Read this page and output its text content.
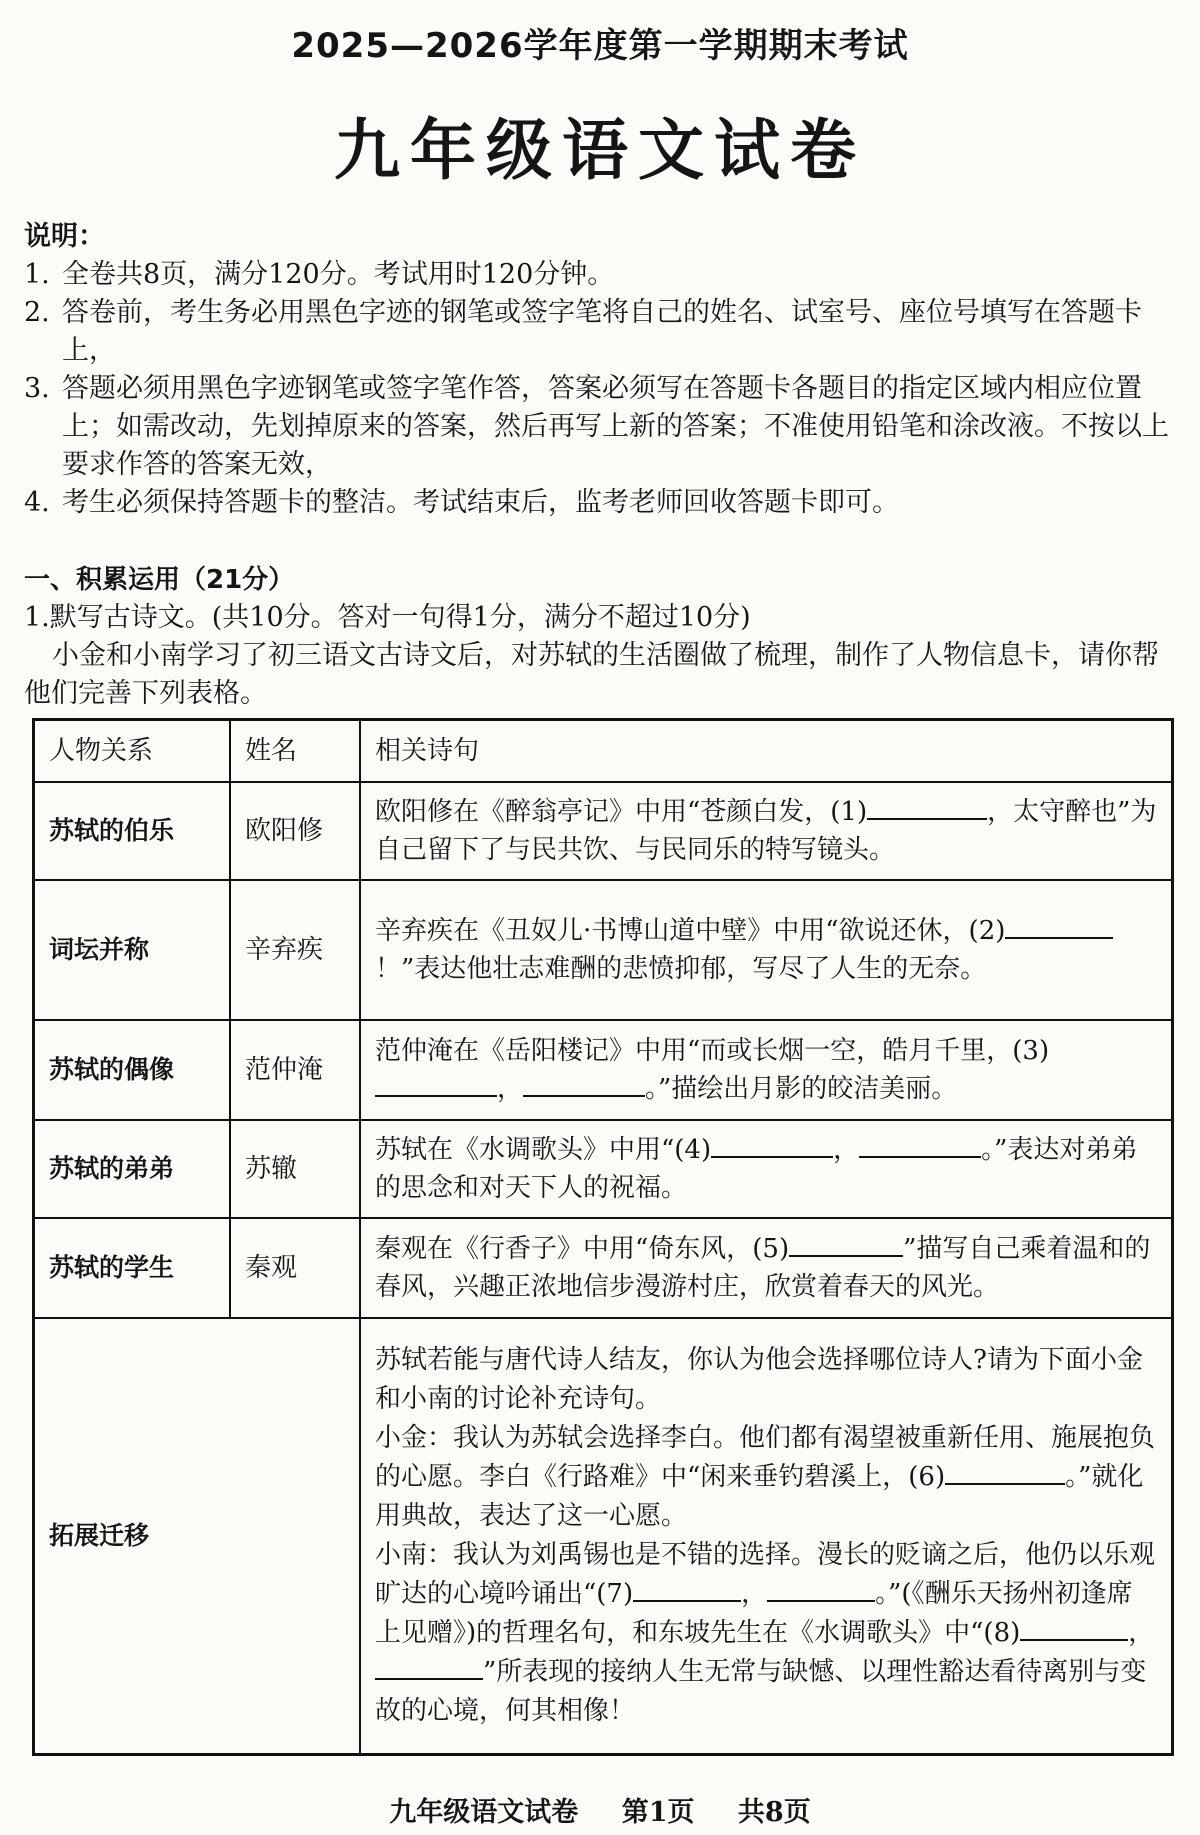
2025—2026学年度第一学期期末考试
九年级语文试卷
说明：
1. 全卷共8页，满分120分。考试用时120分钟。
2. 答卷前，考生务必用黑色字迹的钢笔或签字笔将自己的姓名、试室号、座位号填写在答题卡上，
3. 答题必须用黑色字迹钢笔或签字笔作答，答案必须写在答题卡各题目的指定区域内相应位置上；如需改动，先划掉原来的答案，然后再写上新的答案；不准使用铅笔和涂改液。不按以上要求作答的答案无效，
4. 考生必须保持答题卡的整洁。考试结束后，监考老师回收答题卡即可。
一、积累运用（21分）
1.默写古诗文。(共10分。答对一句得1分，满分不超过10分)
小金和小南学习了初三语文古诗文后，对苏轼的生活圈做了梳理，制作了人物信息卡，请你帮他们完善下列表格。
人物关系	姓名	相关诗句
苏轼的伯乐	欧阳修	欧阳修在《醉翁亭记》中用“苍颜白发，(1) ，太守醉也”为自己留下了与民共饮、与民同乐的特写镜头。
词坛并称	辛弃疾	辛弃疾在《丑奴儿·书博山道中壁》中用“欲说还休，(2)！”表达他壮志难酬的悲愤抑郁，写尽了人生的无奈。
苏轼的偶像	范仲淹	范仲淹在《岳阳楼记》中用“而或长烟一空，皓月千里，(3)， 。”描绘出月影的皎洁美丽。
苏轼的弟弟	苏辙	苏轼在《水调歌头》中用“(4) ， 。”表达对弟弟的思念和对天下人的祝福。
苏轼的学生	秦观	秦观在《行香子》中用“倚东风，(5) ”描写自己乘着温和的春风，兴趣正浓地信步漫游村庄，欣赏着春天的风光。
拓展迁移		苏轼若能与唐代诗人结友，你认为他会选择哪位诗人?请为下面小金和小南的讨论补充诗句。
小金：我认为苏轼会选择李白。他们都有渴望被重新任用、施展抱负的心愿。李白《行路难》中“闲来垂钓碧溪上，(6) 。”就化用典故，表达了这一心愿。
小南：我认为刘禹锡也是不错的选择。漫长的贬谪之后，他仍以乐观旷达的心境吟诵出“(7) ， 。”(《酬乐天扬州初逢席上见赠》)的哲理名句，和东坡先生在《水调歌头》中“(8) ，”所表现的接纳人生无常与缺憾、以理性豁达看待离别与变故的心境，何其相像！
九年级语文试卷 第1页 共8页
